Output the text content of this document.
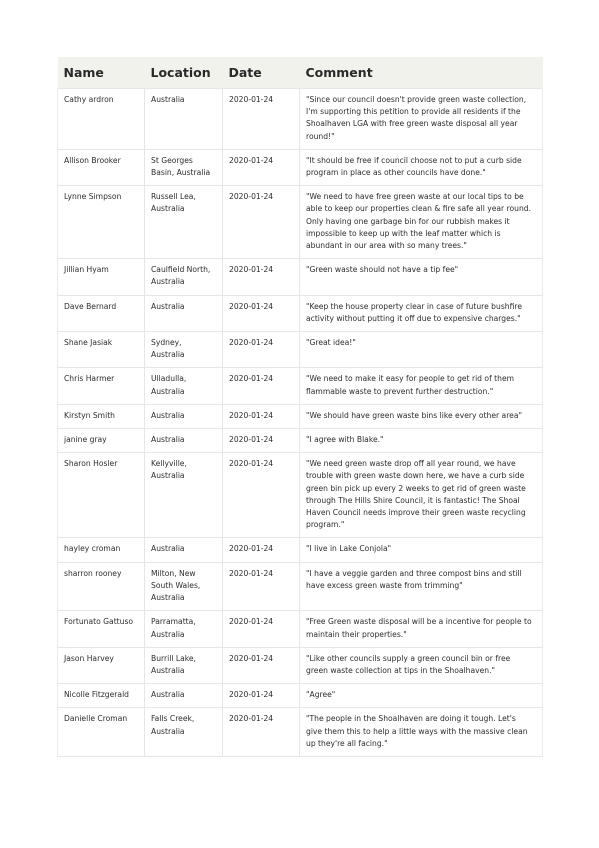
Name	Location	Date	Comment
Cathy ardron	Australia	2020-01-24	"Since our council doesn't provide green waste collection, I'm supporting this petition to provide all residents if the Shoalhaven LGA with free green waste disposal all year round!"
Allison Brooker	St Georges Basin, Australia	2020-01-24	"It should be free if council choose not to put a curb side program in place as other councils have done."
Lynne Simpson	Russell Lea, Australia	2020-01-24	"We need to have free green waste at our local tips to be able to keep our properties clean & fire safe all year round. Only having one garbage bin for our rubbish makes it impossible to keep up with the leaf matter which is abundant in our area with so many trees."
Jillian Hyam	Caulfield North, Australia	2020-01-24	"Green waste should not have a tip fee"
Dave Bernard	Australia	2020-01-24	"Keep the house property clear in case of future bushfire activity without putting it off due to expensive charges."
Shane Jasiak	Sydney, Australia	2020-01-24	"Great idea!"
Chris Harmer	Ulladulla, Australia	2020-01-24	"We need to make it easy for people to get rid of them flammable waste to prevent further destruction."
Kirstyn Smith	Australia	2020-01-24	"We should have green waste bins like every other area"
janine gray	Australia	2020-01-24	"I agree with Blake."
Sharon Hosler	Kellyville, Australia	2020-01-24	"We need green waste drop off all year round, we have trouble with green waste down here, we have a curb side green bin pick up every 2 weeks to get rid of green waste through The Hills Shire Council, it is fantastic! The Shoal Haven Council needs improve their green waste recycling program."
hayley croman	Australia	2020-01-24	"I live in Lake Conjola"
sharron rooney	Milton, New South Wales, Australia	2020-01-24	"I have a veggie garden and three compost bins and still have excess green waste from trimming"
Fortunato Gattuso	Parramatta, Australia	2020-01-24	"Free Green waste disposal will be a incentive for people to maintain their properties."
Jason Harvey	Burrill Lake, Australia	2020-01-24	"Like other councils supply a green council bin or free green waste collection at tips in the Shoalhaven."
Nicolle Fitzgerald	Australia	2020-01-24	"Agree"
Danielle Croman	Falls Creek, Australia	2020-01-24	"The people in the Shoalhaven are doing it tough. Let's give them this to help a little ways with the massive clean up they're all facing."
